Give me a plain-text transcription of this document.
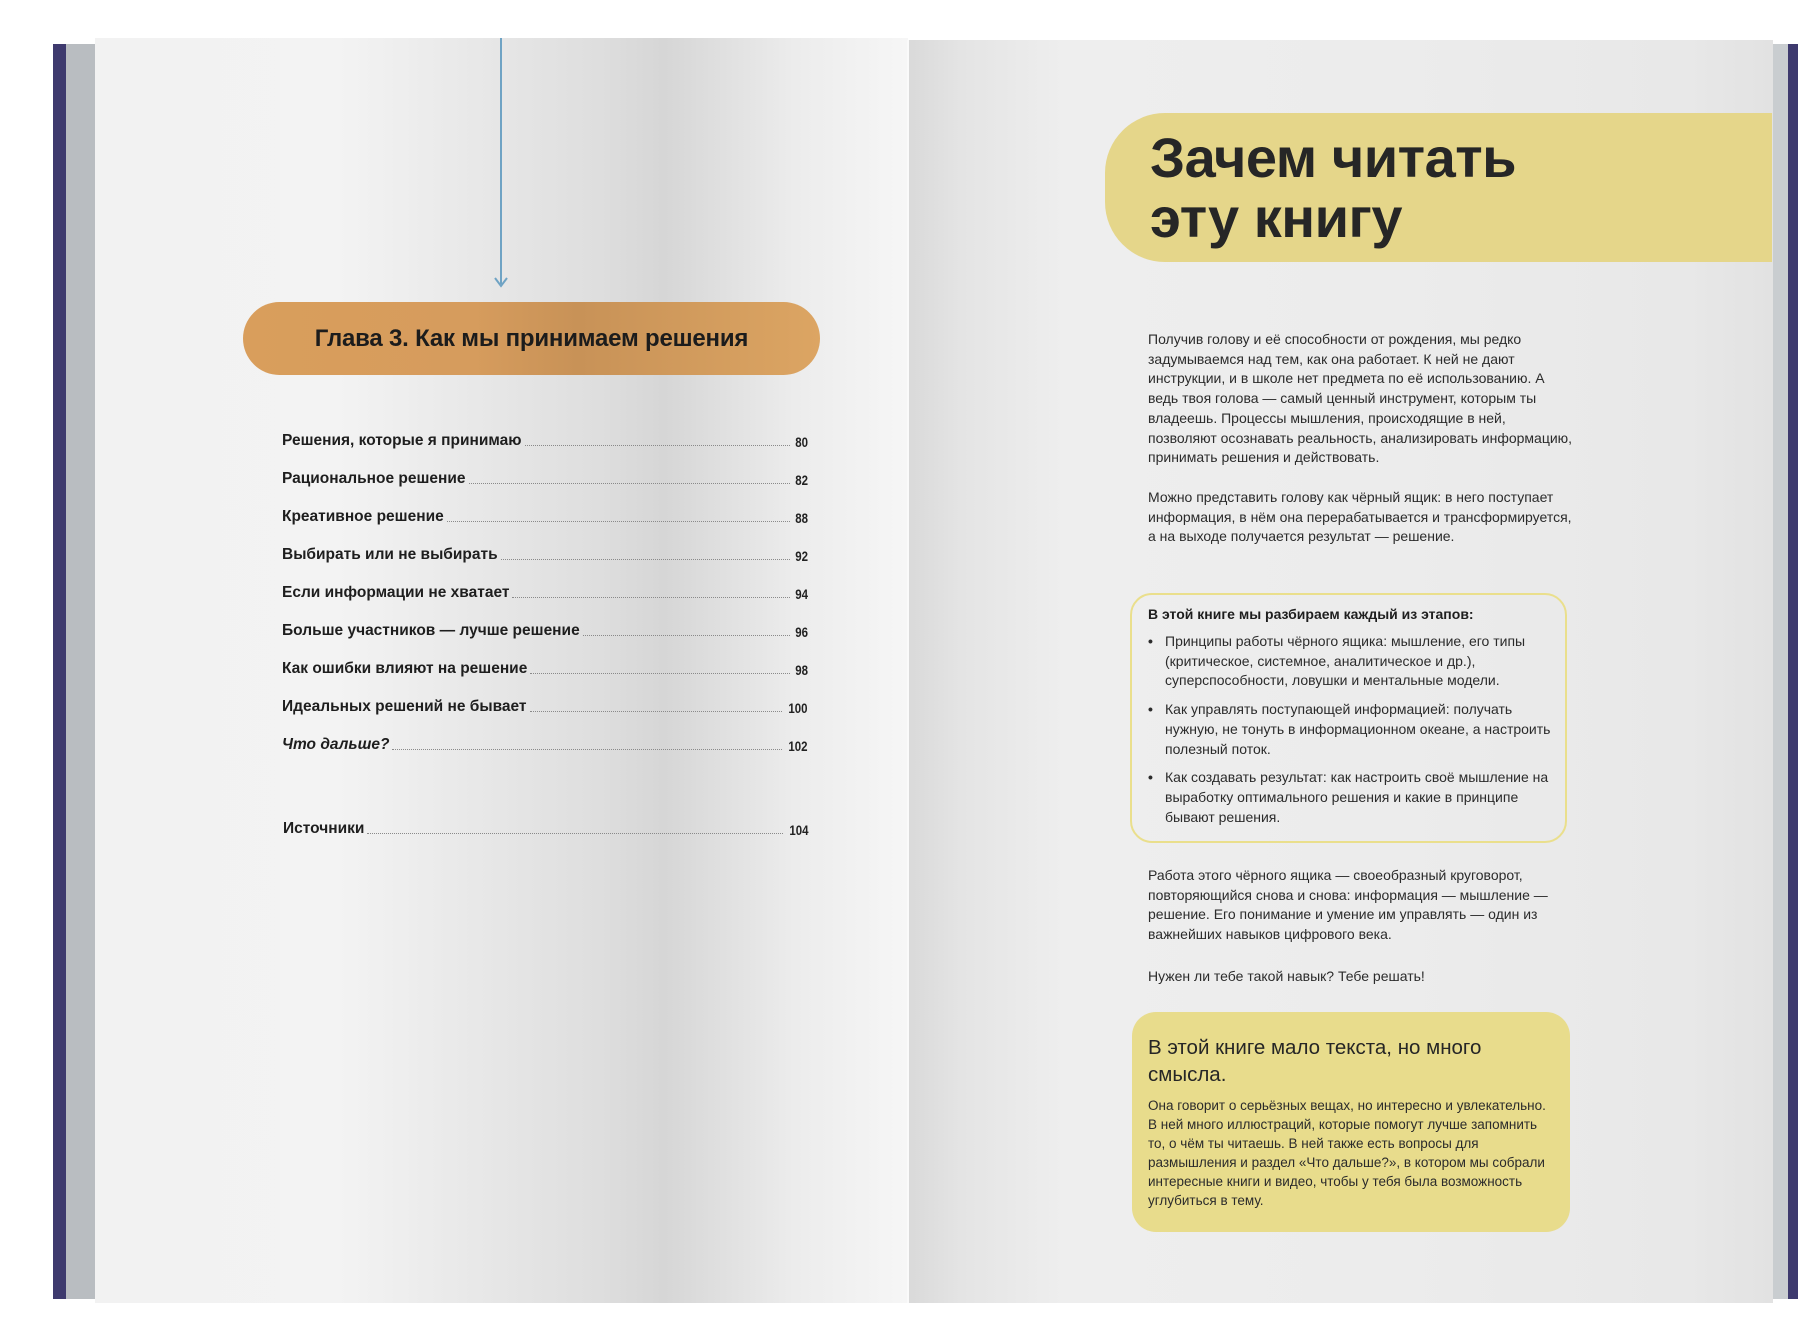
Глава 3. Как мы принимаем решения
Решения, которые я принимаю	80
Рациональное решение	82
Креативное решение	88
Выбирать или не выбирать	92
Если информации не хватает	94
Больше участников — лучше решение	96
Как ошибки влияют на решение	98
Идеальных решений не бывает	100
Что дальше?	102
Источники	104
Зачем читать
эту книгу
Получив голову и её способности от рождения, мы редко задумываемся над тем, как она работает. К ней не дают инструкции, и в школе нет предмета по её использованию. А ведь твоя голова — самый ценный инструмент, которым ты владеешь. Процессы мышления, происходящие в ней, позволяют осознавать реальность, анализировать информацию, принимать решения и действовать.
Можно представить голову как чёрный ящик: в него поступает информация, в нём она перерабатывается и трансформируется, а на выходе получается результат — решение.
В этой книге мы разбираем каждый из этапов:
• Принципы работы чёрного ящика: мышление, его типы (критическое, системное, аналитическое и др.), суперспособности, ловушки и ментальные модели.
• Как управлять поступающей информацией: получать нужную, не тонуть в информационном океане, а настроить полезный поток.
• Как создавать результат: как настроить своё мышление на выработку оптимального решения и какие в принципе бывают решения.
Работа этого чёрного ящика — своеобразный круговорот, повторяющийся снова и снова: информация — мышление — решение. Его понимание и умение им управлять — один из важнейших навыков цифрового века.
Нужен ли тебе такой навык? Тебе решать!
В этой книге мало текста, но много смысла.
Она говорит о серьёзных вещах, но интересно и увлекательно. В ней много иллюстраций, которые помогут лучше запомнить то, о чём ты читаешь. В ней также есть вопросы для размышления и раздел «Что дальше?», в котором мы собрали интересные книги и видео, чтобы у тебя была возможность углубиться в тему.
